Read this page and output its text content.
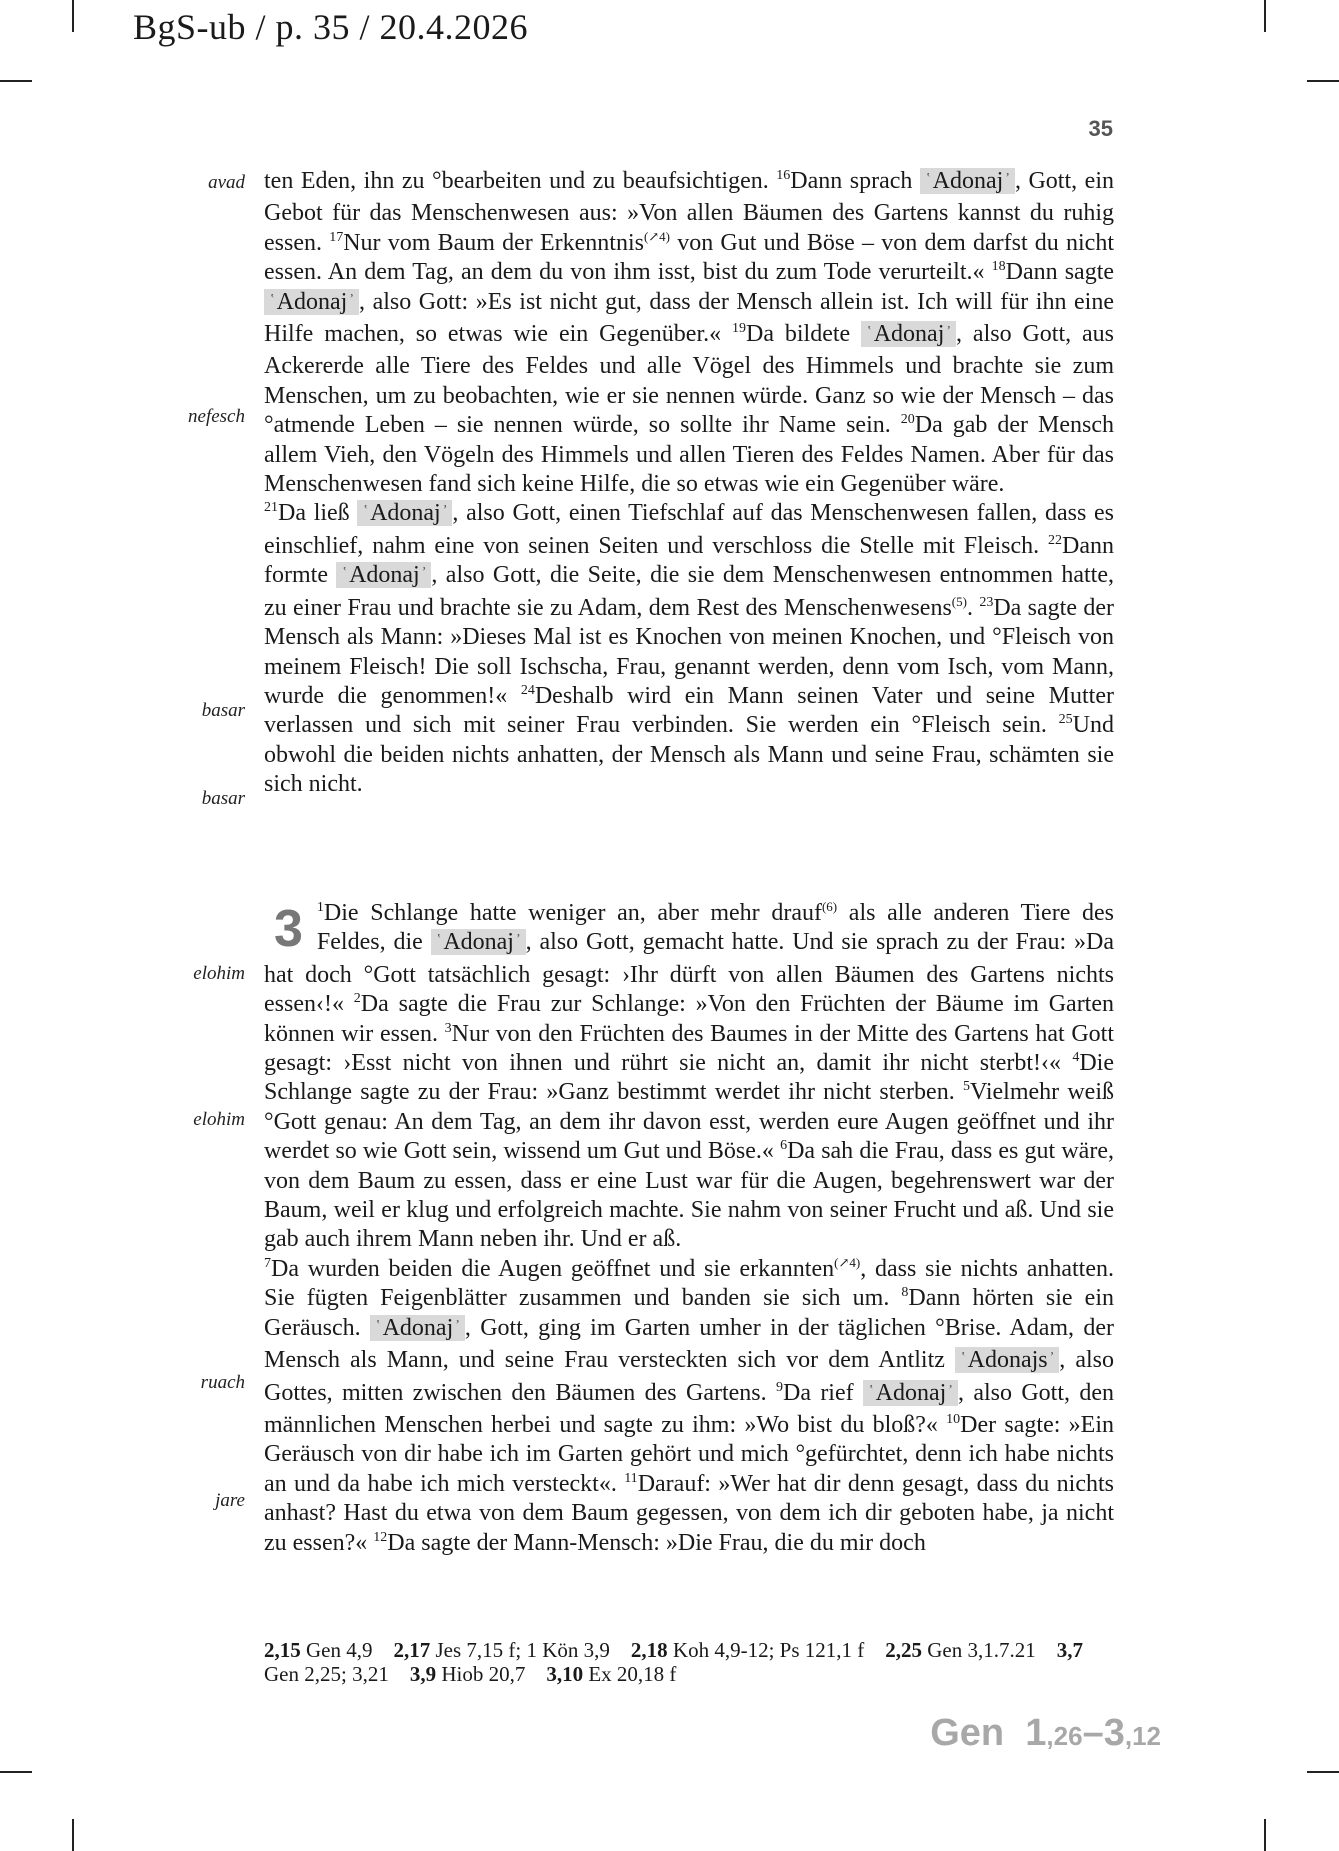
BgS-ub / p. 35 / 20.4.2026
35
avad
nefesch
basar
basar
elohim
elohim
ruach
jare

ten Eden, ihn zu °bearbeiten und zu beaufsichtigen. $^{16}$Dann sprach ʽ Adonaj ʼ , Gott, ein Gebot für das Menschenwesen aus: »Von allen Bäumen des Gartens kannst du ruhig essen. $^{17}$Nur vom Baum der Erkenntnis$^{(↗4)}$ von Gut und Böse – von dem darfst du nicht essen. An dem Tag, an dem du von ihm isst, bist du zum Tode verurteilt.« $^{18}$Dann sagte ʽ Adonaj ʼ , also Gott: »Es ist nicht gut, dass der Mensch allein ist. Ich will für ihn eine Hilfe machen, so etwas wie ein Gegenüber.« $^{19}$Da bildete ʽ Adonaj ʼ , also Gott, aus Ackererde alle Tiere des Feldes und alle Vögel des Himmels und brachte sie zum Menschen, um zu beobachten, wie er sie nennen würde. Ganz so wie der Mensch – das °atmende Leben – sie nennen würde, so sollte ihr Name sein. $^{20}$Da gab der Mensch allem Vieh, den Vögeln des Himmels und allen Tieren des Feldes Namen. Aber für das Menschenwesen fand sich keine Hilfe, die so etwas wie ein Gegenüber wäre.

$^{21}$Da ließ ʽ Adonaj ʼ , also Gott, einen Tiefschlaf auf das Menschenwesen fallen, dass es einschlief, nahm eine von seinen Seiten und verschloss die Stelle mit Fleisch. $^{22}$Dann formte ʽ Adonaj ʼ , also Gott, die Seite, die sie dem Menschenwesen entnommen hatte, zu einer Frau und brachte sie zu Adam, dem Rest des Menschenwesens$^{(5)}$. $^{23}$Da sagte der Mensch als Mann: »Dieses Mal ist es Knochen von meinen Knochen, und °Fleisch von meinem Fleisch! Die soll Ischscha, Frau, genannt werden, denn vom Isch, vom Mann, wurde die genommen!« $^{24}$Deshalb wird ein Mann seinen Vater und seine Mutter verlassen und sich mit seiner Frau verbinden. Sie werden ein °Fleisch sein. $^{25}$Und obwohl die beiden nichts anhatten, der Mensch als Mann und seine Frau, schämten sie sich nicht.

3 $^1$Die Schlange hatte weniger an, aber mehr drauf$^{(6)}$ als alle anderen Tiere des Feldes, die ʽ Adonaj ʼ , also Gott, gemacht hatte. Und sie sprach zu der Frau: »Da hat doch °Gott tatsächlich gesagt: ›Ihr dürft von allen Bäumen des Gartens nichts essen‹!« $^2$Da sagte die Frau zur Schlange: »Von den Früchten der Bäume im Garten können wir essen. $^3$Nur von den Früchten des Baumes in der Mitte des Gartens hat Gott gesagt: ›Esst nicht von ihnen und rührt sie nicht an, damit ihr nicht sterbt!‹« $^4$Die Schlange sagte zu der Frau: »Ganz bestimmt werdet ihr nicht sterben. $^5$Vielmehr weiß °Gott genau: An dem Tag, an dem ihr davon esst, werden eure Augen geöffnet und ihr werdet so wie Gott sein, wissend um Gut und Böse.« $^6$Da sah die Frau, dass es gut wäre, von dem Baum zu essen, dass er eine Lust war für die Augen, begehrenswert war der Baum, weil er klug und erfolgreich machte. Sie nahm von seiner Frucht und aß. Und sie gab auch ihrem Mann neben ihr. Und er aß.

$^7$Da wurden beiden die Augen geöffnet und sie erkannten$^{(↗4)}$, dass sie nichts anhatten. Sie fügten Feigenblätter zusammen und banden sie sich um. $^8$Dann hörten sie ein Geräusch. ʽ Adonaj ʼ , Gott, ging im Garten umher in der täglichen °Brise. Adam, der Mensch als Mann, und seine Frau versteckten sich vor dem Antlitz ʽ Adonajs ʼ , also Gottes, mitten zwischen den Bäumen des Gartens. $^9$Da rief ʽ Adonaj ʼ , also Gott, den männlichen Menschen herbei und sagte zu ihm: »Wo bist du bloß?« $^{10}$Der sagte: »Ein Geräusch von dir habe ich im Garten gehört und mich °gefürchtet, denn ich habe nichts an und da habe ich mich versteckt«. $^{11}$Darauf: »Wer hat dir denn gesagt, dass du nichts anhast? Hast du etwa von dem Baum gegessen, von dem ich dir geboten habe, ja nicht zu essen?« $^{12}$Da sagte der Mann-Mensch: »Die Frau, die du mir doch

2,15 Gen 4,9 2,17 Jes 7,15 f; 1 Kön 3,9 2,18 Koh 4,9-12; Ps 121,1 f 2,25 Gen 3,1.7.21 3,7 Gen 2,25; 3,21 3,9 Hiob 20,7 3,10 Ex 20,18 f
Gen 1,26–3,12
